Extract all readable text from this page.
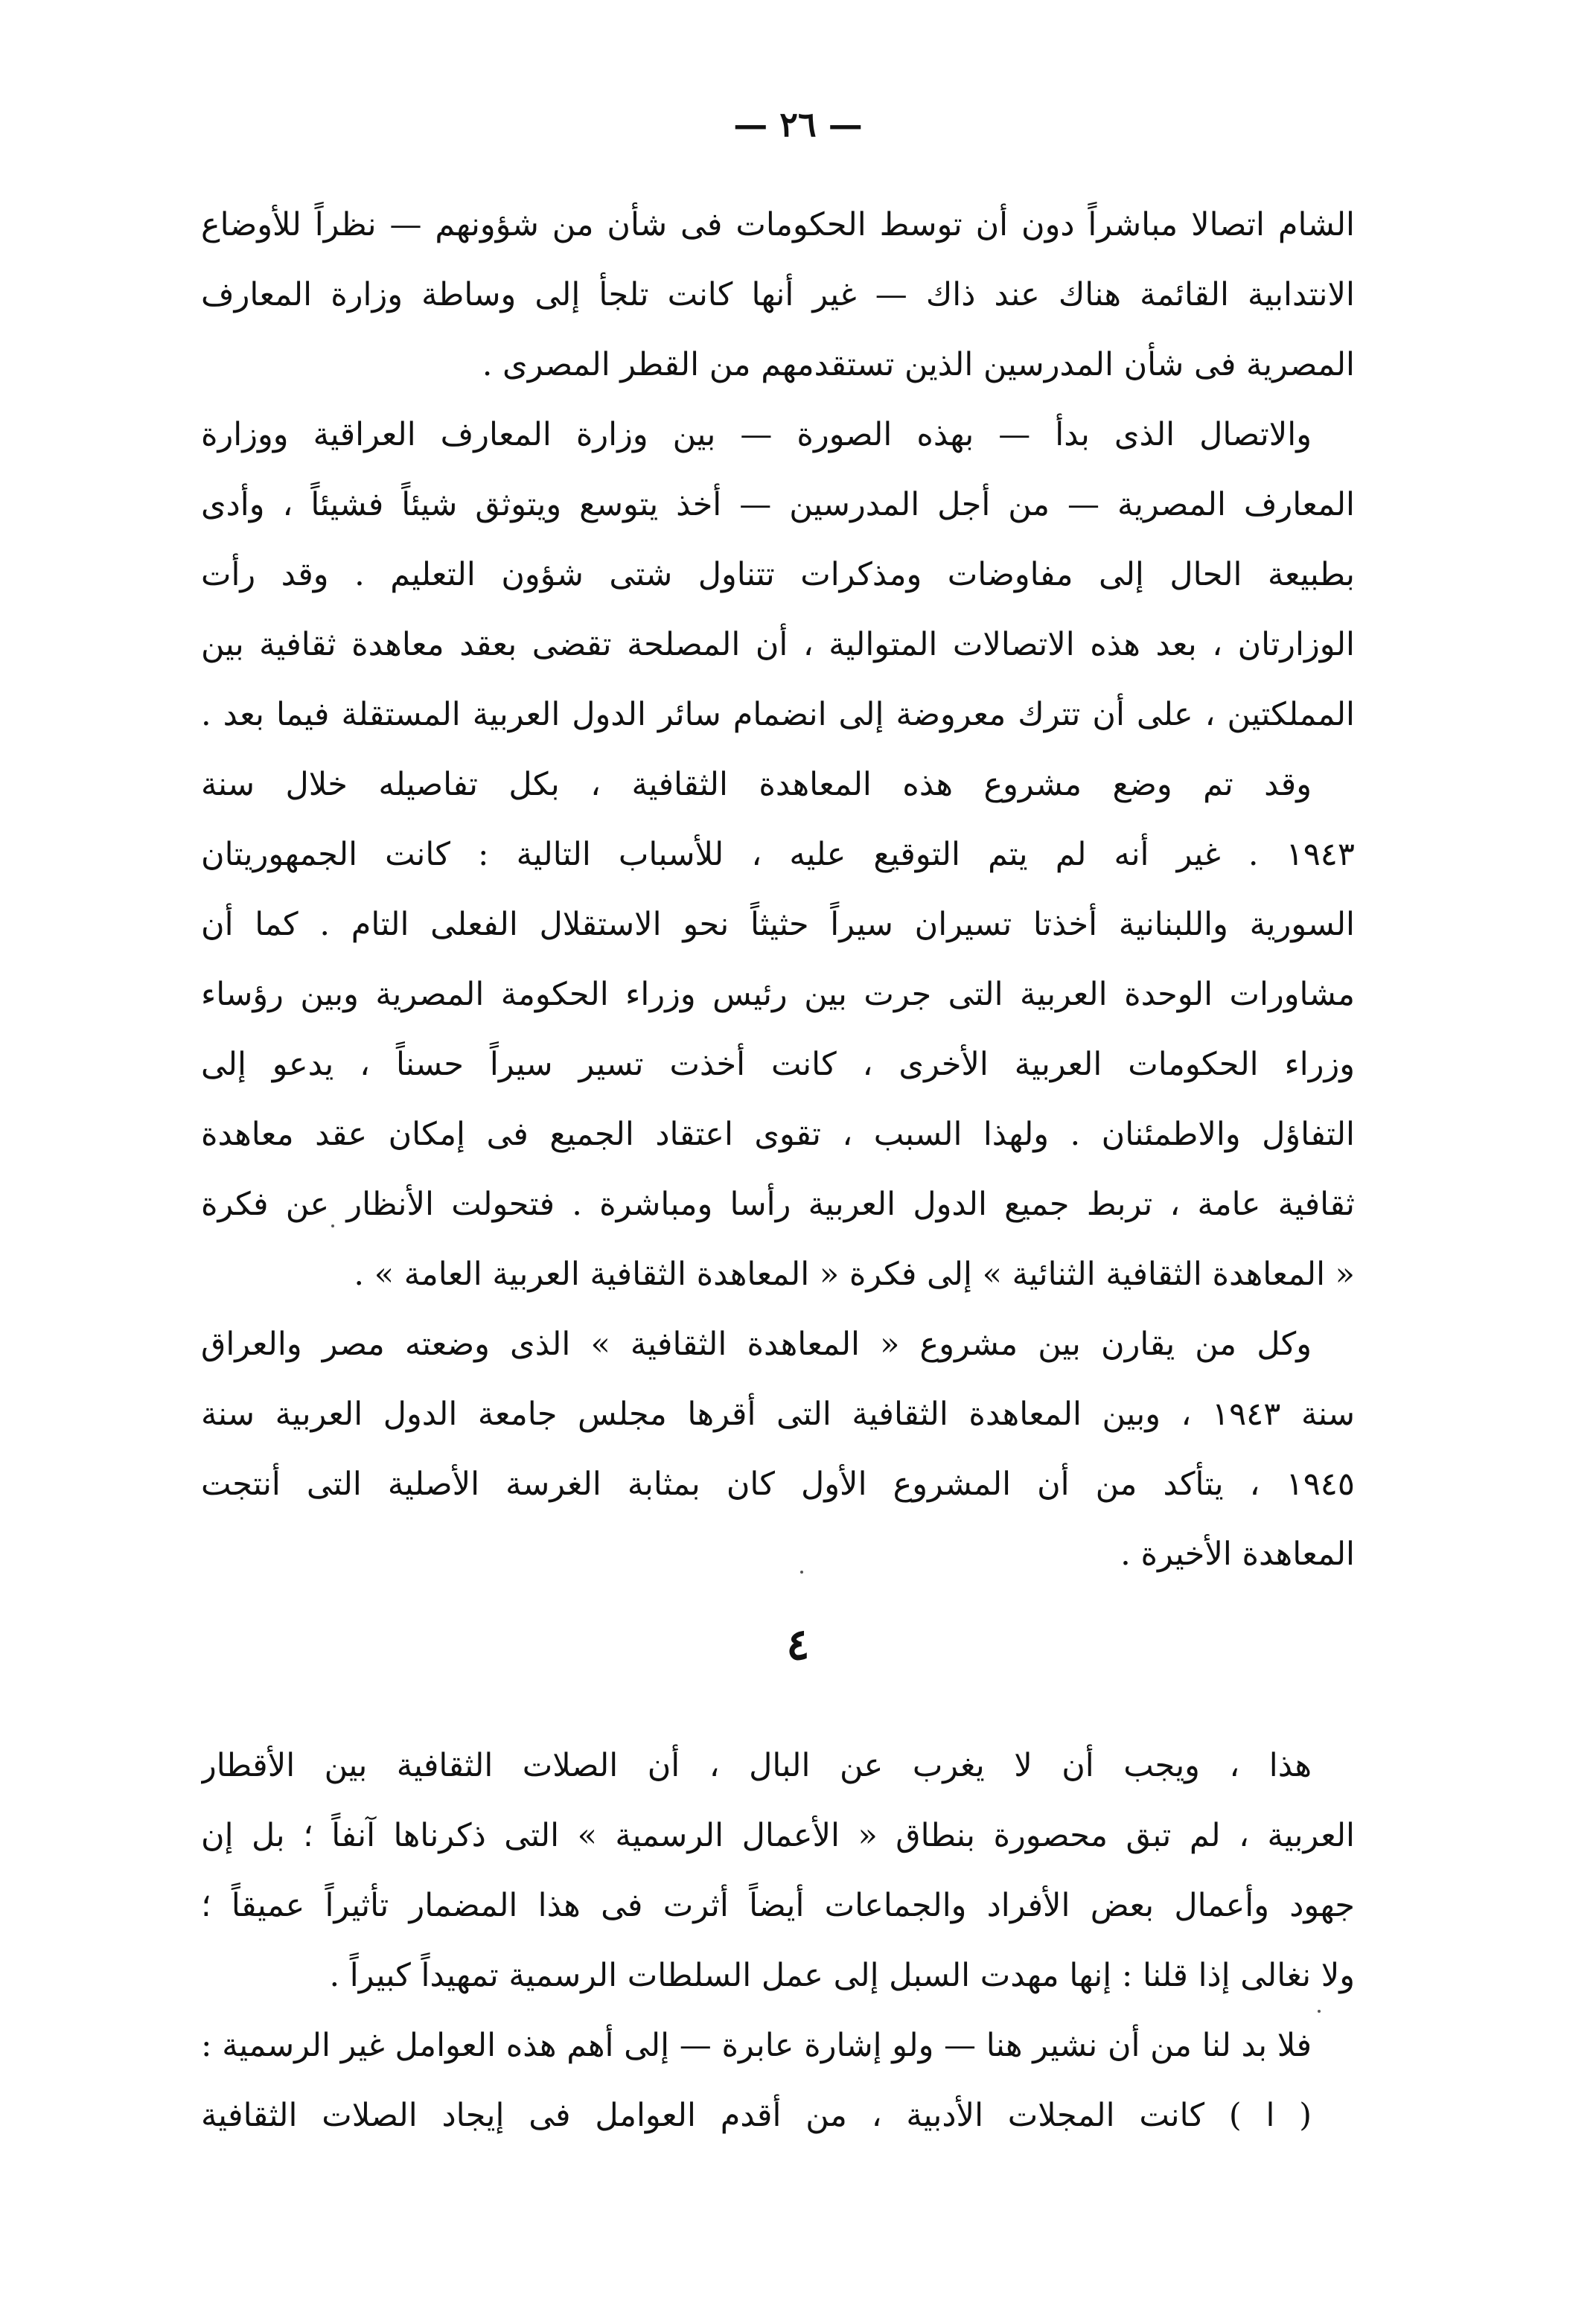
— ٢٦ —
الشام اتصالا مباشراً دون أن توسط الحكومات فى شأن من شؤونهم — نظراً للأوضاع
الانتدابية القائمة هناك عند ذاك — غير أنها كانت تلجأ إلى وساطة وزارة المعارف
المصرية فى شأن المدرسين الذين تستقدمهم من القطر المصرى .
والاتصال الذى بدأ — بهذه الصورة — بين وزارة المعارف العراقية ووزارة
المعارف المصرية — من أجل المدرسين — أخذ يتوسع ويتوثق شيئاً فشيئاً ، وأدى
بطبيعة الحال إلى مفاوضات ومذكرات تتناول شتى شؤون التعليم . وقد رأت
الوزارتان ، بعد هذه الاتصالات المتوالية ، أن المصلحة تقضى بعقد معاهدة ثقافية بين
المملكتين ، على أن تترك معروضة إلى انضمام سائر الدول العربية المستقلة فيما بعد .
وقد تم وضع مشروع هذه المعاهدة الثقافية ، بكل تفاصيله خلال سنة
١٩٤٣ . غير أنه لم يتم التوقيع عليه ، للأسباب التالية : كانت الجمهوريتان
السورية واللبنانية أخذتا تسيران سيراً حثيثاً نحو الاستقلال الفعلى التام . كما أن
مشاورات الوحدة العربية التى جرت بين رئيس وزراء الحكومة المصرية وبين رؤساء
وزراء الحكومات العربية الأخرى ، كانت أخذت تسير سيراً حسناً ، يدعو إلى
التفاؤل والاطمئنان . ولهذا السبب ، تقوى اعتقاد الجميع فى إمكان عقد معاهدة
ثقافية عامة ، تربط جميع الدول العربية رأسا ومباشرة . فتحولت الأنظار عن فكرة
« المعاهدة الثقافية الثنائية » إلى فكرة « المعاهدة الثقافية العربية العامة » .
وكل من يقارن بين مشروع « المعاهدة الثقافية » الذى وضعته مصر والعراق
سنة ١٩٤٣ ، وبين المعاهدة الثقافية التى أقرها مجلس جامعة الدول العربية سنة
١٩٤٥ ، يتأكد من أن المشروع الأول كان بمثابة الغرسة الأصلية التى أنتجت
المعاهدة الأخيرة .
٤
هذا ، ويجب أن لا يغرب عن البال ، أن الصلات الثقافية بين الأقطار
العربية ، لم تبق محصورة بنطاق « الأعمال الرسمية » التى ذكرناها آنفاً ؛ بل إن
جهود وأعمال بعض الأفراد والجماعات أيضاً أثرت فى هذا المضمار تأثيراً عميقاً ؛
ولا نغالى إذا قلنا : إنها مهدت السبل إلى عمل السلطات الرسمية تمهيداً كبيراً .
فلا بد لنا من أن نشير هنا — ولو إشارة عابرة — إلى أهم هذه العوامل غير الرسمية :
( ا ) كانت المجلات الأدبية ، من أقدم العوامل فى إيجاد الصلات الثقافية
